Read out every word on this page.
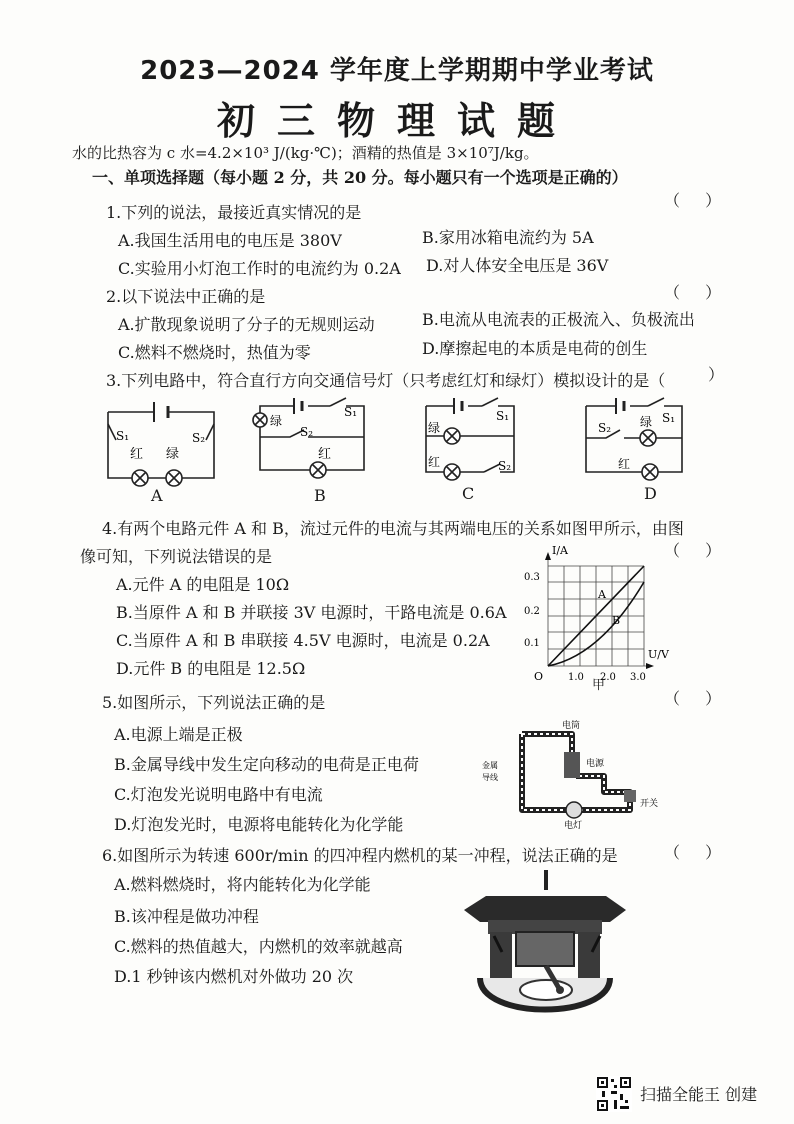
2023—2024 学年度上学期期中学业考试
初三物理试题
水的比热容为 c 水=4.2×10³ J/(kg·℃)；酒精的热值是 3×10⁷J/kg。
一、单项选择题（每小题 2 分，共 20 分。每小题只有一个选项是正确的）
1.下列的说法，最接近真实情况的是
（ ）
A.我国生活用电的电压是 380V	B.家用冰箱电流约为 5A
C.实验用小灯泡工作时的电流约为 0.2A D.对人体安全电压是 36V
2.以下说法中正确的是	（ ）
A.扩散现象说明了分子的无规则运动	B.电流从电流表的正极流入、负极流出
C.燃料不燃烧时，热值为零	D.摩擦起电的本质是电荷的创生
3.下列电路中，符合直行方向交通信号灯（只考虑红灯和绿灯）模拟设计的是（	）
S₁	S₂
红 绿
A
绿
S₁
S₂
红
B
绿
红
S₁
S₂
C
S₂
S₁
绿
红
D
4.有两个电路元件 A 和 B，流过元件的电流与其两端电压的关系如图甲所示，由图
像可知，下列说法错误的是	（ ）
A.元件 A 的电阻是 10Ω
B.当原件 A 和 B 并联接 3V 电源时，干路电流是 0.6A
C.当原件 A 和 B 串联接 4.5V 电源时，电流是 0.2A
D.元件 B 的电阻是 12.5Ω
I/A
U/V
O
0.3
0.2
0.1
1.0 2.0 3.0
A
B
甲
5.如图所示，下列说法正确的是	（ ）
A.电源上端是正极
B.金属导线中发生定向移动的电荷是正电荷
C.灯泡发光说明电路中有电流
D.灯泡发光时，电源将电能转化为化学能
电筒
电源
金属
导线
开关
电灯
6.如图所示为转速 600r/min 的四冲程内燃机的某一冲程，说法正确的是	（ ）
A.燃料燃烧时，将内能转化为化学能
B.该冲程是做功冲程
C.燃料的热值越大，内燃机的效率就越高
D.1 秒钟该内燃机对外做功 20 次
扫描全能王 创建
